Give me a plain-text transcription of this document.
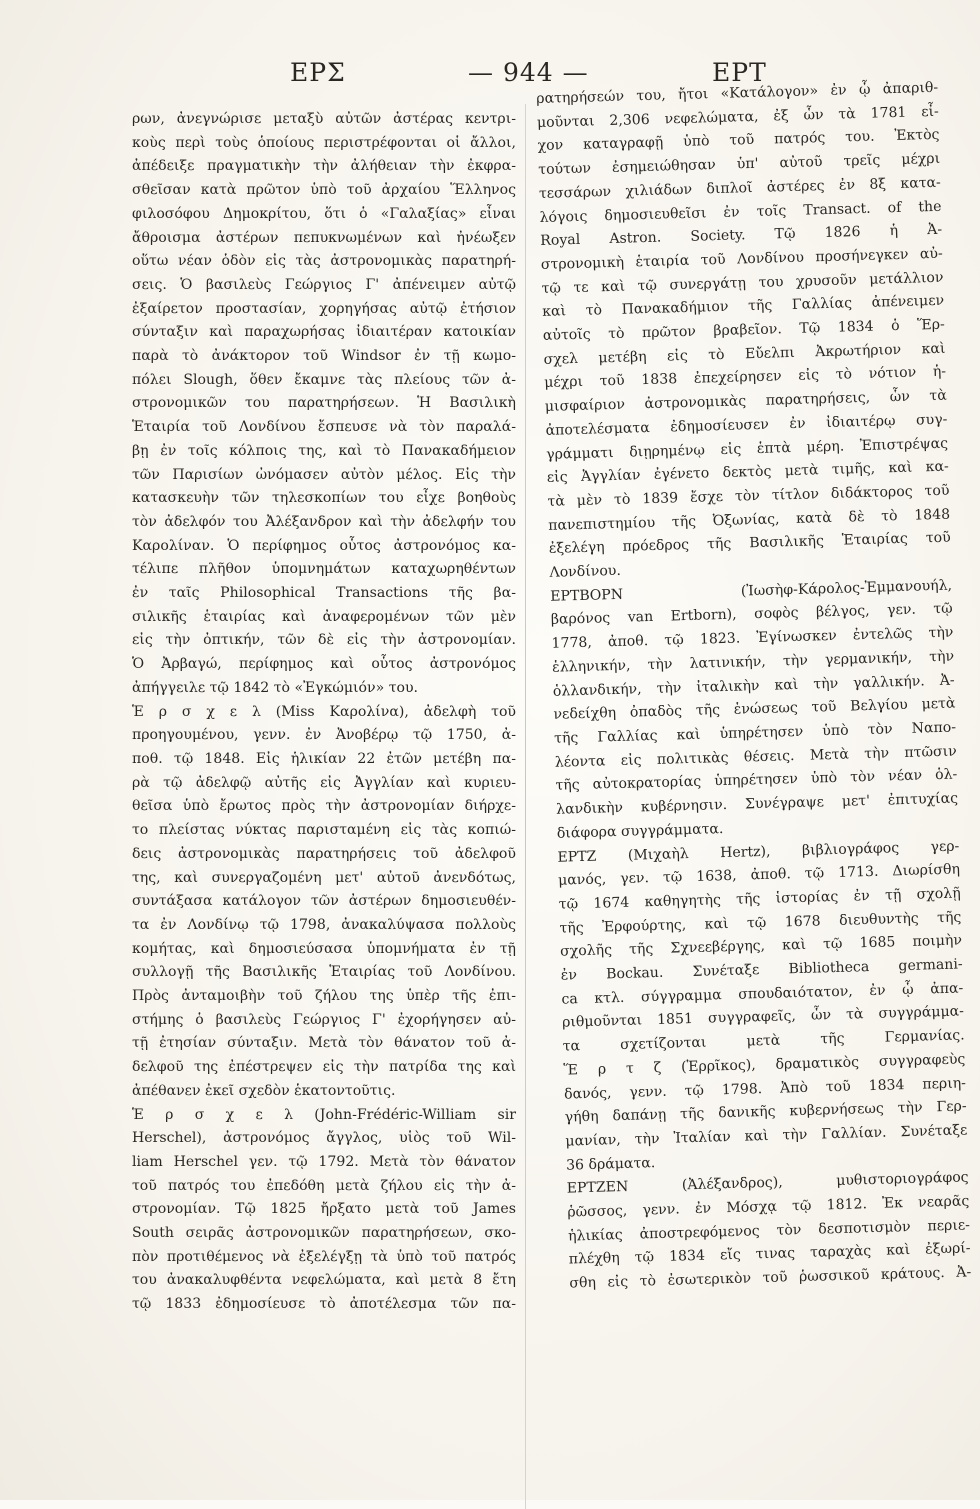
ΕΡΣ	— 944 —	ΕΡΤ
ρων, ἀνεγνώρισε μεταξὺ αὐτῶν ἀστέρας κεντρι-
κοὺς περὶ τοὺς ὁποίους περιστρέφονται οἱ ἄλλοι,
ἀπέδειξε πραγματικὴν τὴν ἀλήθειαν τὴν ἐκφρα-
σθεῖσαν κατὰ πρῶτον ὑπὸ τοῦ ἀρχαίου Ἕλληνος
φιλοσόφου Δημοκρίτου, ὅτι ὁ «Γαλαξίας» εἶναι
ἄθροισμα ἀστέρων πεπυκνωμένων καὶ ἠνέωξεν
οὕτω νέαν ὁδὸν εἰς τὰς ἀστρονομικὰς παρατηρή-
σεις. Ὁ βασιλεὺς Γεώργιος Γ' ἀπένειμεν αὐτῷ
ἐξαίρετον προστασίαν, χορηγήσας αὐτῷ ἐτήσιον
σύνταξιν καὶ παραχωρήσας ἰδιαιτέραν κατοικίαν
παρὰ τὸ ἀνάκτορον τοῦ Windsor ἐν τῇ κωμο-
πόλει Slough, ὅθεν ἔκαμνε τὰς πλείους τῶν ἀ-
στρονομικῶν του παρατηρήσεων. Ἡ Βασιλικὴ
Ἑταιρία τοῦ Λονδίνου ἔσπευσε νὰ τὸν παραλά-
βῃ ἐν τοῖς κόλποις της, καὶ τὸ Πανακαδήμειον
τῶν Παρισίων ὠνόμασεν αὐτὸν μέλος. Εἰς τὴν
κατασκευὴν τῶν τηλεσκοπίων του εἶχε βοηθοὺς
τὸν ἀδελφόν του Ἀλέξανδρον καὶ τὴν ἀδελφήν του
Καρολίναν. Ὁ περίφημος οὗτος ἀστρονόμος κα-
τέλιπε πλῆθον ὑπομνημάτων καταχωρηθέντων
ἐν ταῖς Philosophical Transactions τῆς βα-
σιλικῆς ἑταιρίας καὶ ἀναφερομένων τῶν μὲν
εἰς τὴν ὀπτικήν, τῶν δὲ εἰς τὴν ἀστρονομίαν.
Ὁ Ἀρβαγώ, περίφημος καὶ οὗτος ἀστρονόμος
ἀπήγγειλε τῷ 1842 τὸ «Ἐγκώμιόν» του.
Ἑ ρ σ χ ε λ (Miss Καρολίνα), ἀδελφὴ τοῦ
προηγουμένου, γενν. ἐν Ἀνοβέρῳ τῷ 1750, ἀ-
ποθ. τῷ 1848. Εἰς ἡλικίαν 22 ἐτῶν μετέβη πα-
ρὰ τῷ ἀδελφῷ αὐτῆς εἰς Ἀγγλίαν καὶ κυριευ-
θεῖσα ὑπὸ ἔρωτος πρὸς τὴν ἀστρονομίαν διήρχε-
το πλείστας νύκτας παρισταμένη εἰς τὰς κοπιώ-
δεις ἀστρονομικὰς παρατηρήσεις τοῦ ἀδελφοῦ
της, καὶ συνεργαζομένη μετ' αὐτοῦ ἀνενδότως,
συντάξασα κατάλογον τῶν ἀστέρων δημοσιευθέν-
τα ἐν Λονδίνῳ τῷ 1798, ἀνακαλύψασα πολλοὺς
κομήτας, καὶ δημοσιεύσασα ὑπομνήματα ἐν τῇ
συλλογῇ τῆς Βασιλικῆς Ἑταιρίας τοῦ Λονδίνου.
Πρὸς ἀνταμοιβὴν τοῦ ζήλου της ὑπὲρ τῆς ἐπι-
στήμης ὁ βασιλεὺς Γεώργιος Γ' ἐχορήγησεν αὐ-
τῇ ἐτησίαν σύνταξιν. Μετὰ τὸν θάνατον τοῦ ἀ-
δελφοῦ της ἐπέστρεψεν εἰς τὴν πατρίδα της καὶ
ἀπέθανεν ἐκεῖ σχεδὸν ἑκατοντοῦτις.
Ἑ ρ σ χ ε λ (John-Frédéric-William sir
Herschel), ἀστρονόμος ἄγγλος, υἱὸς τοῦ Wil-
liam Herschel γεν. τῷ 1792. Μετὰ τὸν θάνατον
τοῦ πατρός του ἐπεδόθη μετὰ ζήλου εἰς τὴν ἀ-
στρονομίαν. Τῷ 1825 ἤρξατο μετὰ τοῦ James
South σειρᾶς ἀστρονομικῶν παρατηρήσεων, σκο-
πὸν προτιθέμενος νὰ ἐξελέγξῃ τὰ ὑπὸ τοῦ πατρός
του ἀνακαλυφθέντα νεφελώματα, καὶ μετὰ 8 ἔτη
τῷ 1833 ἐδημοσίευσε τὸ ἀποτέλεσμα τῶν πα-
ρατηρήσεών του, ἤτοι «Κατάλογον» ἐν ᾧ ἀπαριθ-
μοῦνται 2,306 νεφελώματα, ἐξ ὧν τὰ 1781 εἶ-
χον καταγραφῇ ὑπὸ τοῦ πατρός του. Ἐκτὸς
τούτων ἐσημειώθησαν ὑπ' αὐτοῦ τρεῖς μέχρι
τεσσάρων χιλιάδων διπλοῖ ἀστέρες ἐν 8ξ κατα-
λόγοις δημοσιευθεῖσι ἐν τοῖς Transact. of the
Royal Astron. Society. Τῷ 1826 ἡ Ἀ-
στρονομικὴ ἑταιρία τοῦ Λονδίνου προσήνεγκεν αὐ-
τῷ τε καὶ τῷ συνεργάτῃ του χρυσοῦν μετάλλιον
καὶ τὸ Πανακαδήμιον τῆς Γαλλίας ἀπένειμεν
αὐτοῖς τὸ πρῶτον βραβεῖον. Τῷ 1834 ὁ Ἕρ-
σχελ μετέβη εἰς τὸ Εὔελπι Ἀκρωτήριον καὶ
μέχρι τοῦ 1838 ἐπεχείρησεν εἰς τὸ νότιον ἡ-
μισφαίριον ἀστρονομικὰς παρατηρήσεις, ὧν τὰ
ἀποτελέσματα ἐδημοσίευσεν ἐν ἰδιαιτέρῳ συγ-
γράμματι διῃρημένῳ εἰς ἑπτὰ μέρη. Ἐπιστρέψας
εἰς Ἀγγλίαν ἐγένετο δεκτὸς μετὰ τιμῆς, καὶ κα-
τὰ μὲν τὸ 1839 ἔσχε τὸν τίτλον διδάκτορος τοῦ
πανεπιστημίου τῆς Ὀξωνίας, κατὰ δὲ τὸ 1848
ἐξελέγη πρόεδρος τῆς Βασιλικῆς Ἑταιρίας τοῦ
Λονδίνου.
ΕΡΤΒΟΡΝ (Ἰωσὴφ-Κάρολος-Ἐμμανουήλ,
βαρόνος van Ertborn), σοφὸς βέλγος, γεν. τῷ
1778, ἀποθ. τῷ 1823. Ἐγίνωσκεν ἐντελῶς τὴν
ἑλληνικήν, τὴν λατινικήν, τὴν γερμανικήν, τὴν
ὁλλανδικήν, τὴν ἰταλικὴν καὶ τὴν γαλλικήν. Ἀ-
νεδείχθη ὀπαδὸς τῆς ἑνώσεως τοῦ Βελγίου μετὰ
τῆς Γαλλίας καὶ ὑπηρέτησεν ὑπὸ τὸν Ναπο-
λέοντα εἰς πολιτικὰς θέσεις. Μετὰ τὴν πτῶσιν
τῆς αὐτοκρατορίας ὑπηρέτησεν ὑπὸ τὸν νέαν ὁλ-
λανδικὴν κυβέρνησιν. Συνέγραψε μετ' ἐπιτυχίας
διάφορα συγγράμματα.
ΕΡΤΖ (Μιχαὴλ Hertz), βιβλιογράφος γερ-
μανός, γεν. τῷ 1638, ἀποθ. τῷ 1713. Διωρίσθη
τῷ 1674 καθηγητὴς τῆς ἱστορίας ἐν τῇ σχολῇ
τῆς Ἐρφούρτης, καὶ τῷ 1678 διευθυντὴς τῆς
σχολῆς τῆς Σχνεεβέργης, καὶ τῷ 1685 ποιμὴν
ἐν Bockau. Συνέταξε Bibliotheca germani-
ca κτλ. σύγγραμμα σπουδαιότατον, ἐν ᾧ ἀπα-
ριθμοῦνται 1851 συγγραφεῖς, ὧν τὰ συγγράμμα-
τα σχετίζονται μετὰ τῆς Γερμανίας.
Ἕ ρ τ ζ (Ἑρρῖκος), δραματικὸς συγγραφεὺς
δανός, γενν. τῷ 1798. Ἀπὸ τοῦ 1834 περιη-
γήθη δαπάνῃ τῆς δανικῆς κυβερνήσεως τὴν Γερ-
μανίαν, τὴν Ἰταλίαν καὶ τὴν Γαλλίαν. Συνέταξε
36 δράματα.
ΕΡΤΖΕΝ (Ἀλέξανδρος), μυθιστοριογράφος
ῥῶσσος, γενν. ἐν Μόσχᾳ τῷ 1812. Ἐκ νεαρᾶς
ἡλικίας ἀποστρεφόμενος τὸν δεσποτισμὸν περιε-
πλέχθη τῷ 1834 εἴς τινας ταραχὰς καὶ ἐξωρί-
σθη εἰς τὸ ἐσωτερικὸν τοῦ ῥωσσικοῦ κράτους. Ἀ-
